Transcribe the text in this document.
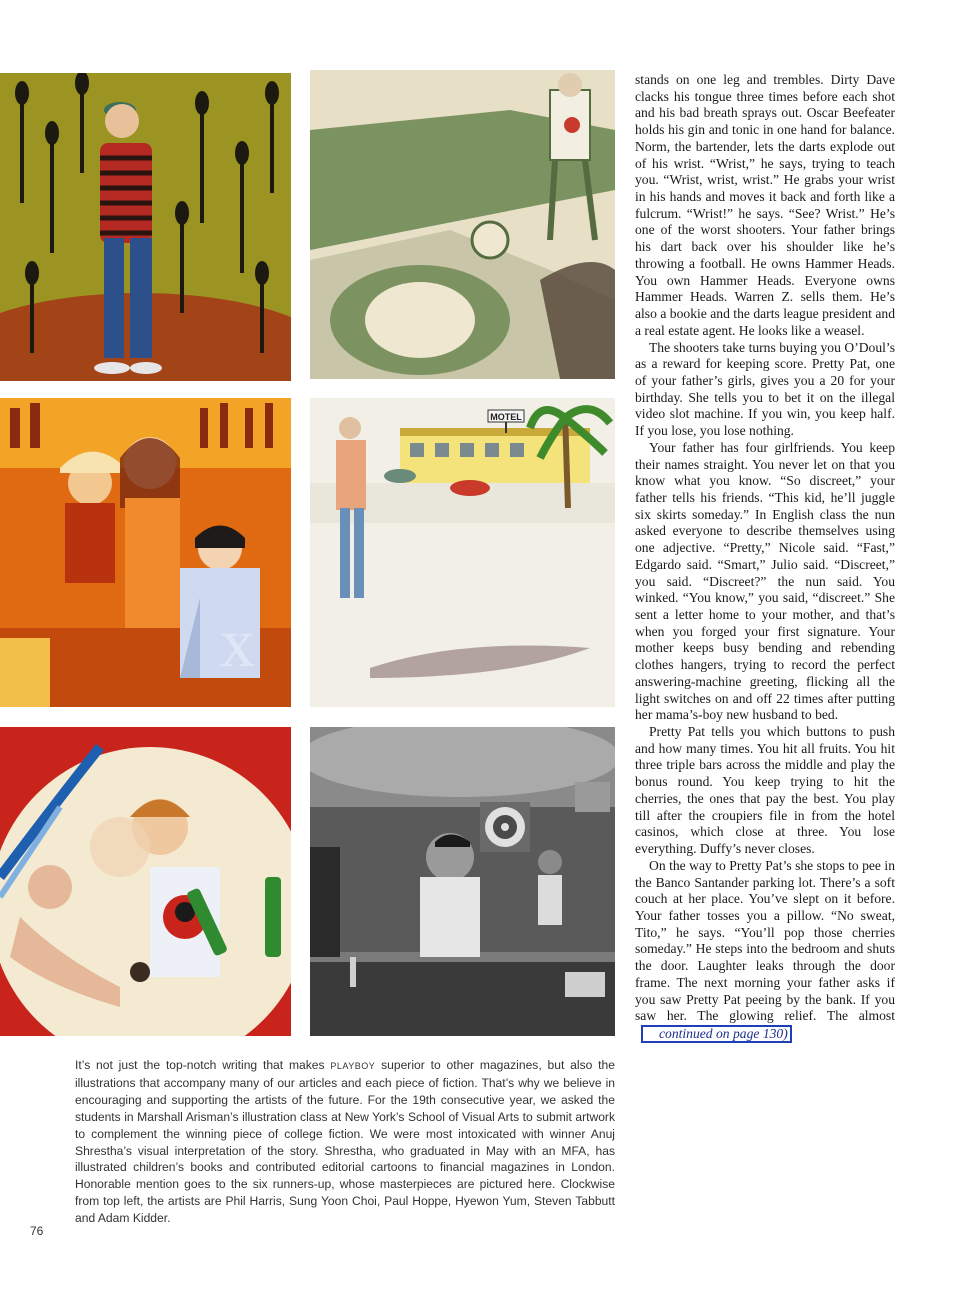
x
MOTEL

stands on one leg and trembles. Dirty Dave clacks his tongue three times before each shot and his bad breath sprays out. Oscar Beefeater holds his gin and tonic in one hand for balance. Norm, the bartender, lets the darts explode out of his wrist. “Wrist,” he says, trying to teach you. “Wrist, wrist, wrist.” He grabs your wrist in his hands and moves it back and forth like a fulcrum. “Wrist!” he says. “See? Wrist.” He’s one of the worst shooters. Your father brings his dart back over his shoulder like he’s throwing a football. He owns Hammer Heads. You own Hammer Heads. Everyone owns Hammer Heads. Warren Z. sells them. He’s also a bookie and the darts league president and a real estate agent. He looks like a weasel.

The shooters take turns buying you O’Doul’s as a reward for keeping score. Pretty Pat, one of your father’s girls, gives you a 20 for your birthday. She tells you to bet it on the illegal video slot machine. If you win, you keep half. If you lose, you lose nothing.

Your father has four girlfriends. You keep their names straight. You never let on that you know what you know. “So discreet,” your father tells his friends. “This kid, he’ll juggle six skirts someday.” In English class the nun asked everyone to describe themselves using one adjective. “Pretty,” Nicole said. “Fast,” Edgardo said. “Smart,” Julio said. “Discreet,” you said. “Discreet?” the nun said. You winked. “You know,” you said, “discreet.” She sent a letter home to your mother, and that’s when you forged your first signature. Your mother keeps busy bending and rebending clothes hangers, trying to record the perfect answering-machine greeting, flicking all the light switches on and off 22 times after putting her mama’s-boy new husband to bed.

Pretty Pat tells you which buttons to push and how many times. You hit all fruits. You hit three triple bars across the middle and play the bonus round. You keep trying to hit the cherries, the ones that pay the best. You play till after the croupiers file in from the hotel casinos, which close at three. You lose everything. Duffy’s never closes.

On the way to Pretty Pat’s she stops to pee in the Banco Santander parking lot. There’s a soft couch at her place. You’ve slept on it before. Your father tosses you a pillow. “No sweat, Tito,” he says. “You’ll pop those cherries someday.” He steps into the bedroom and shuts the door. Laughter leaks through the door frame. The next morning your father asks if you saw Pretty Pat peeing by the bank. If you saw her. The glowing relief. The almostcontinued on page 130)

It’s not just the top-notch writing that makes PLAYBOY superior to other magazines, but also the illustrations that accompany many of our articles and each piece of fiction. That’s why we believe in encouraging and supporting the artists of the future. For the 19th consecutive year, we asked the students in Marshall Arisman’s illustration class at New York’s School of Visual Arts to submit artwork to complement the winning piece of college fiction. We were most intoxicated with winner Anuj Shrestha’s visual interpretation of the story. Shrestha, who graduated in May with an MFA, has illustrated children’s books and contributed editorial cartoons to financial magazines in London. Honorable mention goes to the six runners-up, whose masterpieces are pictured here. Clockwise from top left, the artists are Phil Harris, Sung Yoon Choi, Paul Hoppe, Hyewon Yum, Steven Tabbutt and Adam Kidder.
76
